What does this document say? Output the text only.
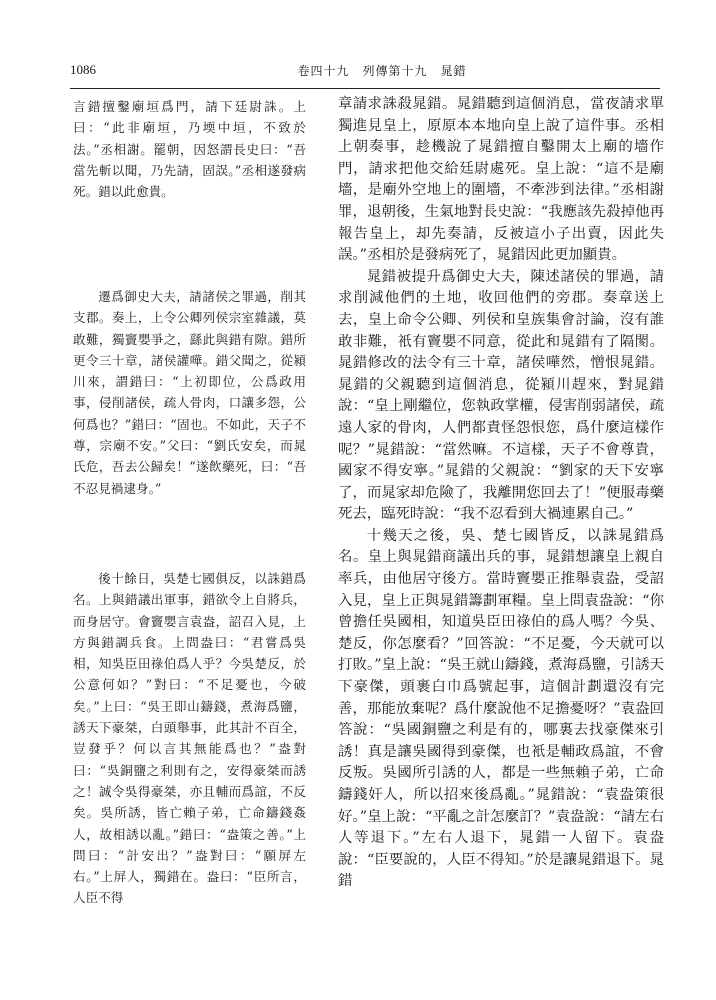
1086	卷四十九　列傳第十九　晁錯

言錯擅鑿廟垣爲門，請下廷尉誅。上曰：“此非廟垣，乃堧中垣，不致於法。”丞相謝。罷朝，因怒謂長史曰：“吾當先斬以聞，乃先請，固誤。”丞相遂發病死。錯以此愈貴。

遷爲御史大夫，請諸侯之罪過，削其支郡。奏上，上令公卿列侯宗室雜議，莫敢難，獨竇嬰爭之，繇此與錯有隙。錯所更令三十章，諸侯讙嘩。錯父聞之，從潁川來，謂錯曰：“上初即位，公爲政用事，侵削諸侯，疏人骨肉，口讓多怨，公何爲也？”錯曰：“固也。不如此，天子不尊，宗廟不安。”父曰：“劉氏安矣，而晁氏危，吾去公歸矣！”遂飲藥死，曰：“吾不忍見禍逮身。”

後十餘日，吳楚七國俱反，以誅錯爲名。上與錯議出軍事，錯欲令上自將兵，而身居守。會竇嬰言袁盎，詔召入見，上方與錯調兵食。上問盎曰：“君嘗爲吳相，知吳臣田祿伯爲人乎？今吳楚反，於公意何如？”對曰：“不足憂也，今破矣。”上曰：“吳王即山鑄錢，煮海爲鹽，誘天下豪桀，白頭舉事，此其計不百全，豈發乎？何以言其無能爲也？”盎對曰：“吳銅鹽之利則有之，安得豪桀而誘之！誠令吳得豪桀，亦且輔而爲誼，不反矣。吳所誘，皆亡賴子弟，亡命鑄錢姦人，故相誘以亂。”錯曰：“盎策之善。”上問曰：“計安出？”盎對曰：“願屏左右。”上屏人，獨錯在。盎曰：“臣所言，人臣不得

章請求誅殺晁錯。晁錯聽到這個消息，當夜請求單獨進見皇上，原原本本地向皇上說了這件事。丞相上朝奏事，趁機說了晁錯擅自鑿開太上廟的墻作門，請求把他交給廷尉處死。皇上說：“這不是廟墻，是廟外空地上的圍墻，不牽涉到法律。”丞相謝罪，退朝後，生氣地對長史說：“我應該先殺掉他再報告皇上，却先奏請，反被這小子出賣，因此失誤。”丞相於是發病死了，晁錯因此更加顯貴。

晁錯被提升爲御史大夫，陳述諸侯的罪過，請求削減他們的土地，收回他們的旁郡。奏章送上去，皇上命令公卿、列侯和皇族集會討論，沒有誰敢非難，衹有竇嬰不同意，從此和晁錯有了隔閡。晁錯修改的法令有三十章，諸侯嘩然，憎恨晁錯。晁錯的父親聽到這個消息，從潁川趕來，對晁錯說：“皇上剛繼位，您執政掌權，侵害削弱諸侯，疏遠人家的骨肉，人們都責怪怨恨您，爲什麼這樣作呢？”晁錯說：“當然嘛。不這樣，天子不會尊貴，國家不得安寧。”晁錯的父親說：“劉家的天下安寧了，而晁家却危險了，我離開您回去了！”便服毒藥死去，臨死時說：“我不忍看到大禍連累自己。”

十幾天之後，吳、楚七國皆反，以誅晁錯爲名。皇上與晁錯商議出兵的事，晁錯想讓皇上親自率兵，由他居守後方。當時竇嬰正推舉袁盎，受詔入見，皇上正與晁錯籌劃軍糧。皇上問袁盎說：“你曾擔任吳國相，知道吳臣田祿伯的爲人嗎？今吳、楚反，你怎麼看？”回答說：“不足憂，今天就可以打敗。”皇上說：“吳王就山鑄錢，煮海爲鹽，引誘天下豪傑，頭裹白巾爲號起事，這個計劃還沒有完善，那能放棄呢？爲什麼說他不足擔憂呀？”袁盎回答說：“吳國銅鹽之利是有的，哪裏去找豪傑來引誘！真是讓吳國得到豪傑，也衹是輔政爲誼，不會反叛。吳國所引誘的人，都是一些無賴子弟，亡命鑄錢奸人，所以招來後爲亂。”晁錯說：“袁盎策很好。”皇上說：“平亂之計怎麼訂？”袁盎說：“請左右人等退下。”左右人退下，晁錯一人留下。袁盎說：“臣要說的，人臣不得知。”於是讓晁錯退下。晁錯
